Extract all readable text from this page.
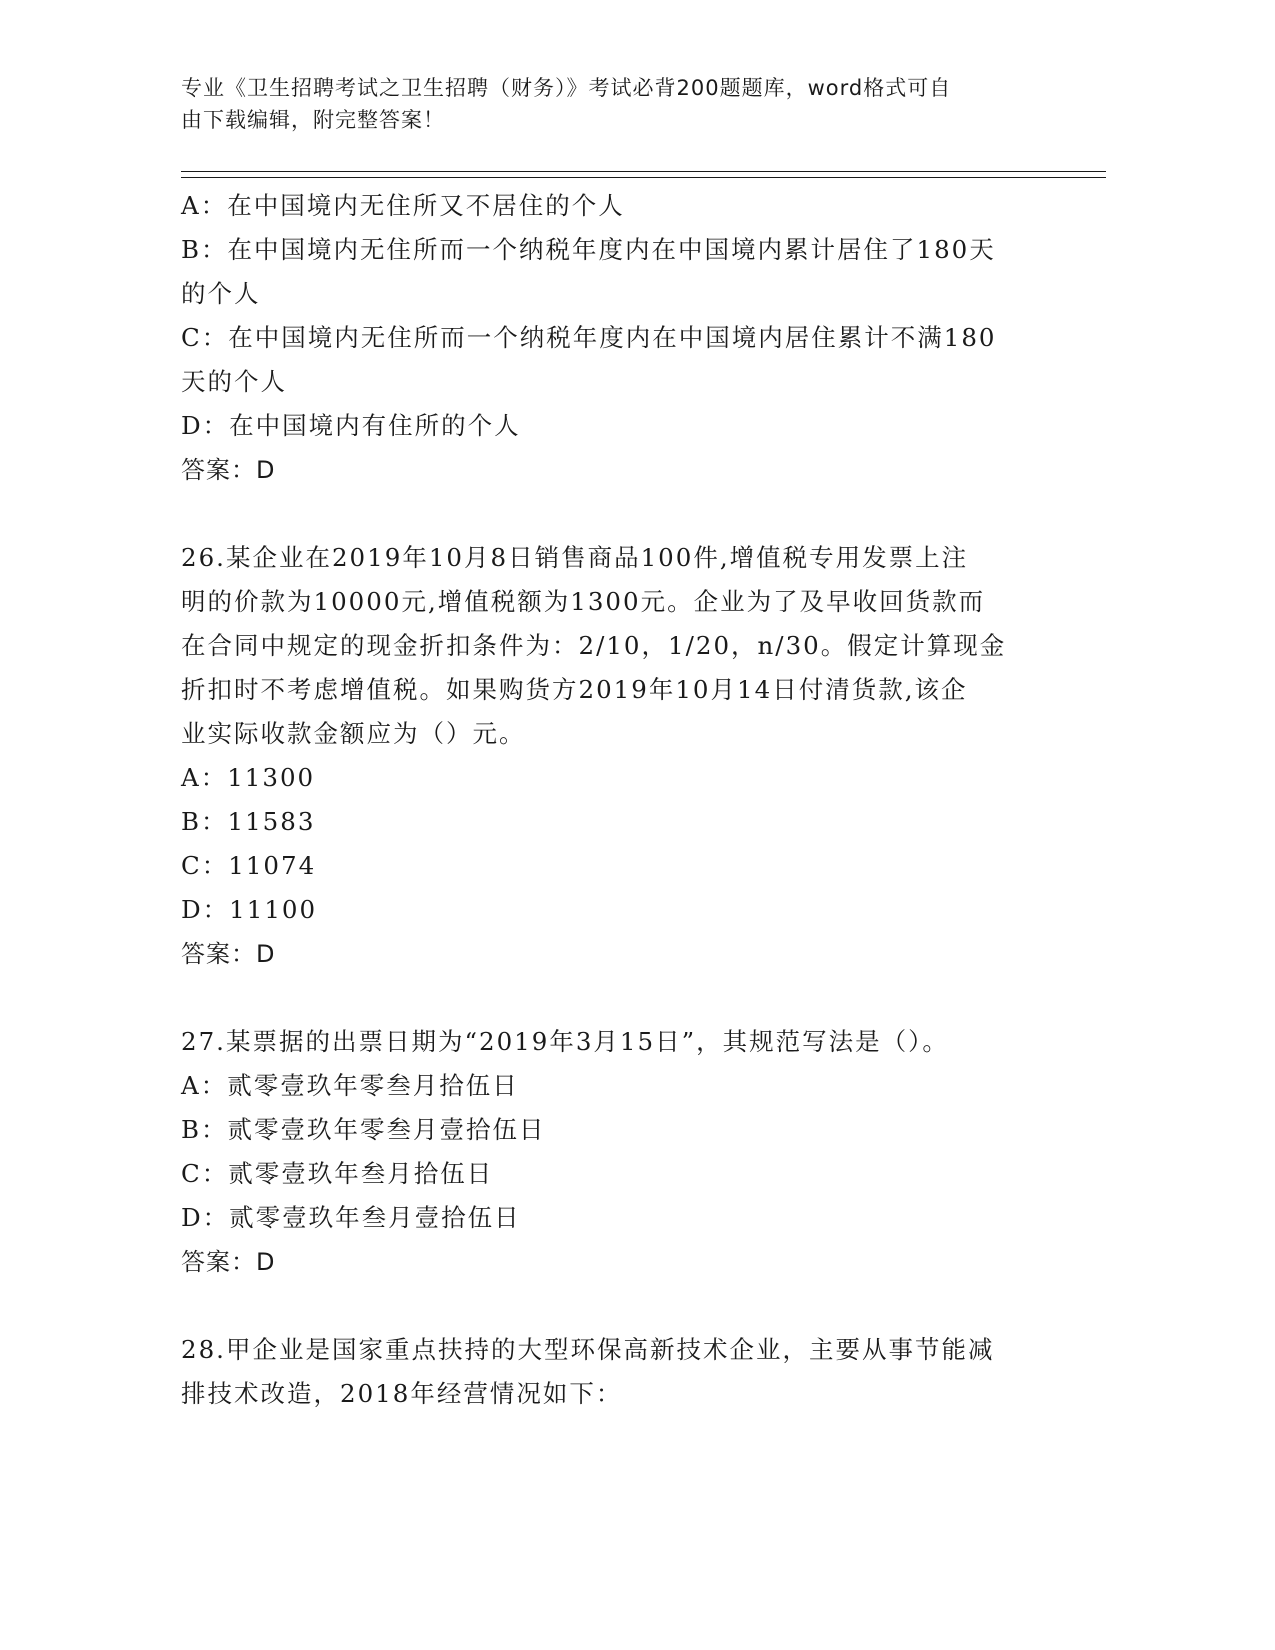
专业《卫生招聘考试之卫生招聘（财务）》考试必背200题题库，word格式可自
由下载编辑，附完整答案！
A：在中国境内无住所又不居住的个人
B：在中国境内无住所而一个纳税年度内在中国境内累计居住了180天
的个人
C：在中国境内无住所而一个纳税年度内在中国境内居住累计不满180
天的个人
D：在中国境内有住所的个人
答案：D
26.某企业在2019年10月8日销售商品100件,增值税专用发票上注
明的价款为10000元,增值税额为1300元。企业为了及早收回货款而
在合同中规定的现金折扣条件为：2/10，1/20，n/30。假定计算现金
折扣时不考虑增值税。如果购货方2019年10月14日付清货款,该企
业实际收款金额应为（）元。
A：11300
B：11583
C：11074
D：11100
答案：D
27.某票据的出票日期为“2019年3月15日”，其规范写法是（）。
A：贰零壹玖年零叁月拾伍日
B：贰零壹玖年零叁月壹拾伍日
C：贰零壹玖年叁月拾伍日
D：贰零壹玖年叁月壹拾伍日
答案：D
28.甲企业是国家重点扶持的大型环保高新技术企业，主要从事节能减
排技术改造，2018年经营情况如下：
